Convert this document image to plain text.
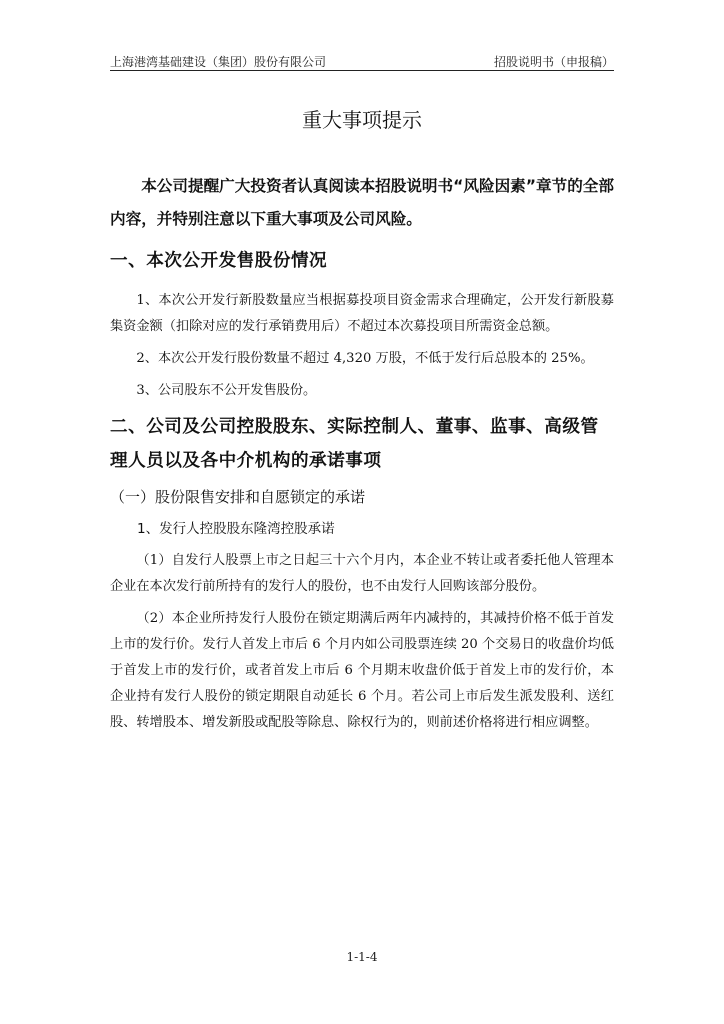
上海港湾基础建设（集团）股份有限公司	招股说明书（申报稿）
重大事项提示

本公司提醒广大投资者认真阅读本招股说明书“风险因素”章节的全部内容，并特别注意以下重大事项及公司风险。

一、本次公开发售股份情况

1、本次公开发行新股数量应当根据募投项目资金需求合理确定，公开发行新股募集资金额（扣除对应的发行承销费用后）不超过本次募投项目所需资金总额。

2、本次公开发行股份数量不超过 4,320 万股，不低于发行后总股本的 25%。

3、公司股东不公开发售股份。

二、公司及公司控股股东、实际控制人、董事、监事、高级管理人员以及各中介机构的承诺事项

（一）股份限售安排和自愿锁定的承诺

1、发行人控股股东隆湾控股承诺

（1）自发行人股票上市之日起三十六个月内，本企业不转让或者委托他人管理本企业在本次发行前所持有的发行人的股份，也不由发行人回购该部分股份。

（2）本企业所持发行人股份在锁定期满后两年内减持的，其减持价格不低于首发上市的发行价。发行人首发上市后 6 个月内如公司股票连续 20 个交易日的收盘价均低于首发上市的发行价，或者首发上市后 6 个月期末收盘价低于首发上市的发行价，本企业持有发行人股份的锁定期限自动延长 6 个月。若公司上市后发生派发股利、送红股、转增股本、增发新股或配股等除息、除权行为的，则前述价格将进行相应调整。

1-1-4
